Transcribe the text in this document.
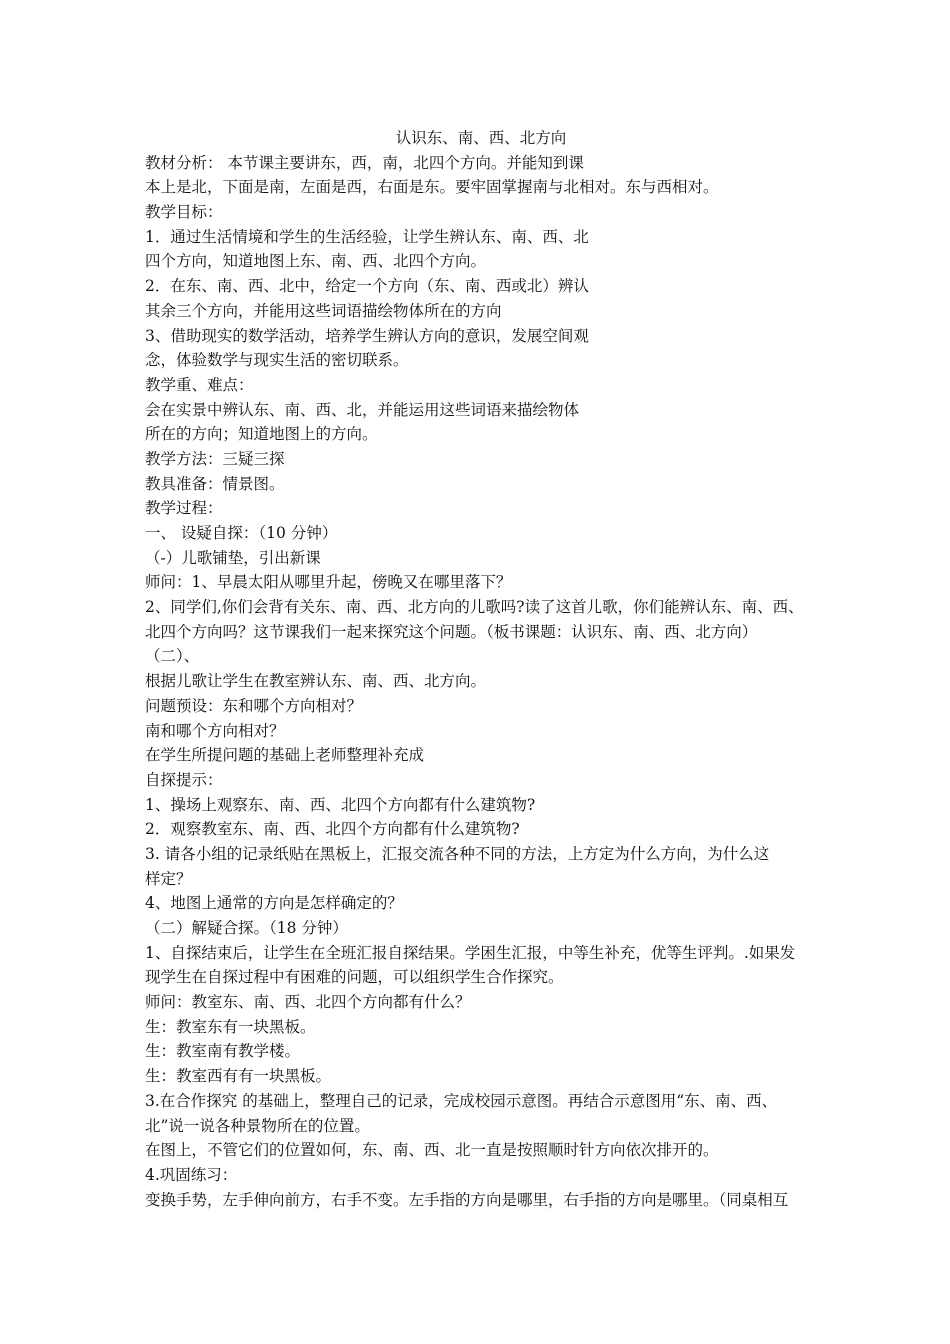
认识东、南、西、北方向
教材分析： 本节课主要讲东，西，南，北四个方向。并能知到课
本上是北，下面是南，左面是西，右面是东。要牢固掌握南与北相对。东与西相对。
教学目标：
1．通过生活情境和学生的生活经验，让学生辨认东、南、西、北
四个方向，知道地图上东、南、西、北四个方向。
2．在东、南、西、北中，给定一个方向（东、南、西或北）辨认
其余三个方向，并能用这些词语描绘物体所在的方向
3、借助现实的数学活动，培养学生辨认方向的意识，发展空间观
念，体验数学与现实生活的密切联系。
教学重、难点：
会在实景中辨认东、南、西、北，并能运用这些词语来描绘物体
所在的方向；知道地图上的方向。
教学方法：三疑三探
教具准备：情景图。
教学过程：
一、 设疑自探：（10 分钟）
（-）儿歌铺垫，引出新课
师问：1、早晨太阳从哪里升起，傍晚又在哪里落下？
2、同学们,你们会背有关东、南、西、北方向的儿歌吗?读了这首儿歌，你们能辨认东、南、西、
北四个方向吗？这节课我们一起来探究这个问题。（板书课题：认识东、南、西、北方向）
（二）、
根据儿歌让学生在教室辨认东、南、西、北方向。
问题预设：东和哪个方向相对？
南和哪个方向相对？
在学生所提问题的基础上老师整理补充成
自探提示：
1、操场上观察东、南、西、北四个方向都有什么建筑物?
2．观察教室东、南、西、北四个方向都有什么建筑物?
3. 请各小组的记录纸贴在黑板上，汇报交流各种不同的方法，上方定为什么方向，为什么这
样定？
4、地图上通常的方向是怎样确定的？
（二）解疑合探。（18 分钟）
1、自探结束后，让学生在全班汇报自探结果。学困生汇报，中等生补充，优等生评判。.如果发
现学生在自探过程中有困难的问题，可以组织学生合作探究。
师问：教室东、南、西、北四个方向都有什么？
生：教室东有一块黑板。
生：教室南有教学楼。
生：教室西有有一块黑板。
3.在合作探究 的基础上，整理自己的记录，完成校园示意图。再结合示意图用“东、南、西、
北”说一说各种景物所在的位置。
在图上，不管它们的位置如何，东、南、西、北一直是按照顺时针方向依次排开的。
4.巩固练习：
变换手势，左手伸向前方，右手不变。左手指的方向是哪里，右手指的方向是哪里。（同桌相互
